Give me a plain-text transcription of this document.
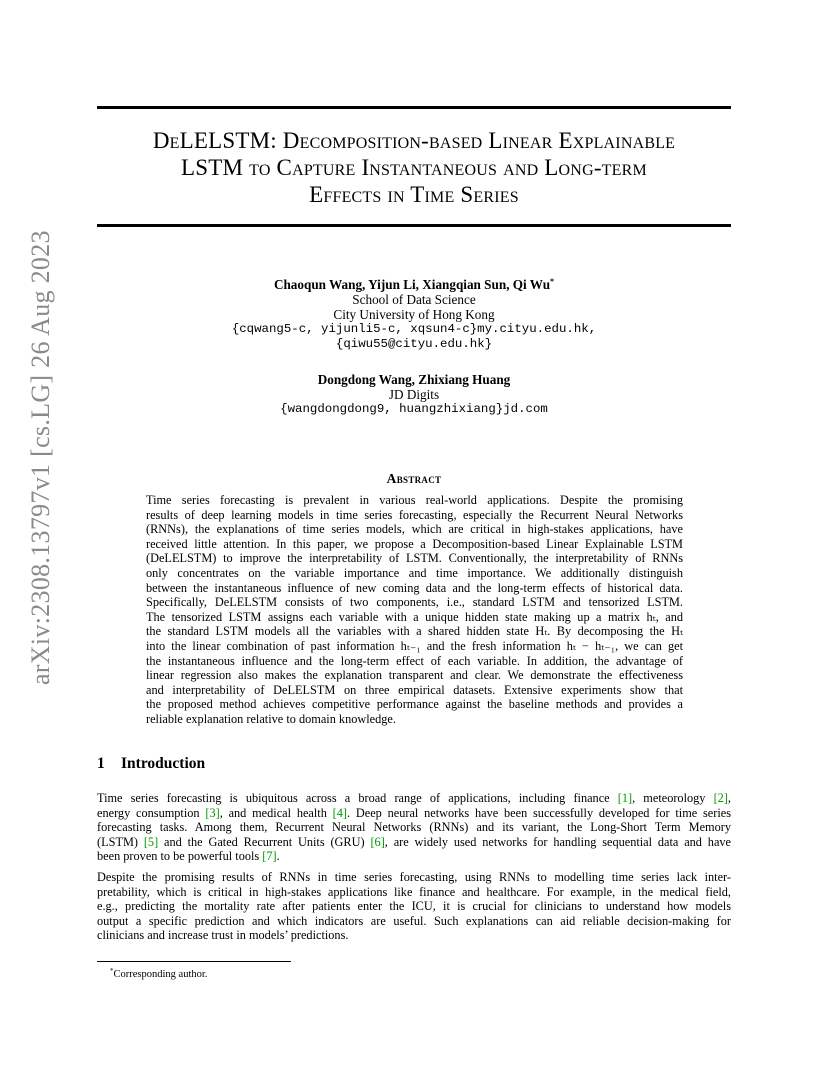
arXiv:2308.13797v1 [cs.LG] 26 Aug 2023
DeLELSTM: Decomposition-based Linear Explainable
LSTM to Capture Instantaneous and Long-term
Effects in Time Series
Chaoqun Wang, Yijun Li, Xiangqian Sun, Qi Wu*
School of Data Science
City University of Hong Kong
{cqwang5-c, yijunli5-c, xqsun4-c}my.cityu.edu.hk,
{qiwu55@cityu.edu.hk}
Dongdong Wang, Zhixiang Huang
JD Digits
{wangdongdong9, huangzhixiang}jd.com
Abstract
Time series forecasting is prevalent in various real-world applications. Despite the promising
results of deep learning models in time series forecasting, especially the Recurrent Neural Networks
(RNNs), the explanations of time series models, which are critical in high-stakes applications, have
received little attention. In this paper, we propose a Decomposition-based Linear Explainable LSTM
(DeLELSTM) to improve the interpretability of LSTM. Conventionally, the interpretability of RNNs
only concentrates on the variable importance and time importance. We additionally distinguish
between the instantaneous influence of new coming data and the long-term effects of historical data.
Specifically, DeLELSTM consists of two components, i.e., standard LSTM and tensorized LSTM.
The tensorized LSTM assigns each variable with a unique hidden state making up a matrix hₜ, and
the standard LSTM models all the variables with a shared hidden state Hₜ. By decomposing the Hₜ
into the linear combination of past information hₜ₋₁ and the fresh information hₜ − hₜ₋₁, we can get
the instantaneous influence and the long-term effect of each variable. In addition, the advantage of
linear regression also makes the explanation transparent and clear. We demonstrate the effectiveness
and interpretability of DeLELSTM on three empirical datasets. Extensive experiments show that
the proposed method achieves competitive performance against the baseline methods and provides a
reliable explanation relative to domain knowledge.
1 Introduction
Time series forecasting is ubiquitous across a broad range of applications, including finance [1], meteorology [2],
energy consumption [3], and medical health [4]. Deep neural networks have been successfully developed for time series
forecasting tasks. Among them, Recurrent Neural Networks (RNNs) and its variant, the Long-Short Term Memory
(LSTM) [5] and the Gated Recurrent Units (GRU) [6], are widely used networks for handling sequential data and have
been proven to be powerful tools [7].
Despite the promising results of RNNs in time series forecasting, using RNNs to modelling time series lack inter-
pretability, which is critical in high-stakes applications like finance and healthcare. For example, in the medical field,
e.g., predicting the mortality rate after patients enter the ICU, it is crucial for clinicians to understand how models
output a specific prediction and which indicators are useful. Such explanations can aid reliable decision-making for
clinicians and increase trust in models’ predictions.
*Corresponding author.
